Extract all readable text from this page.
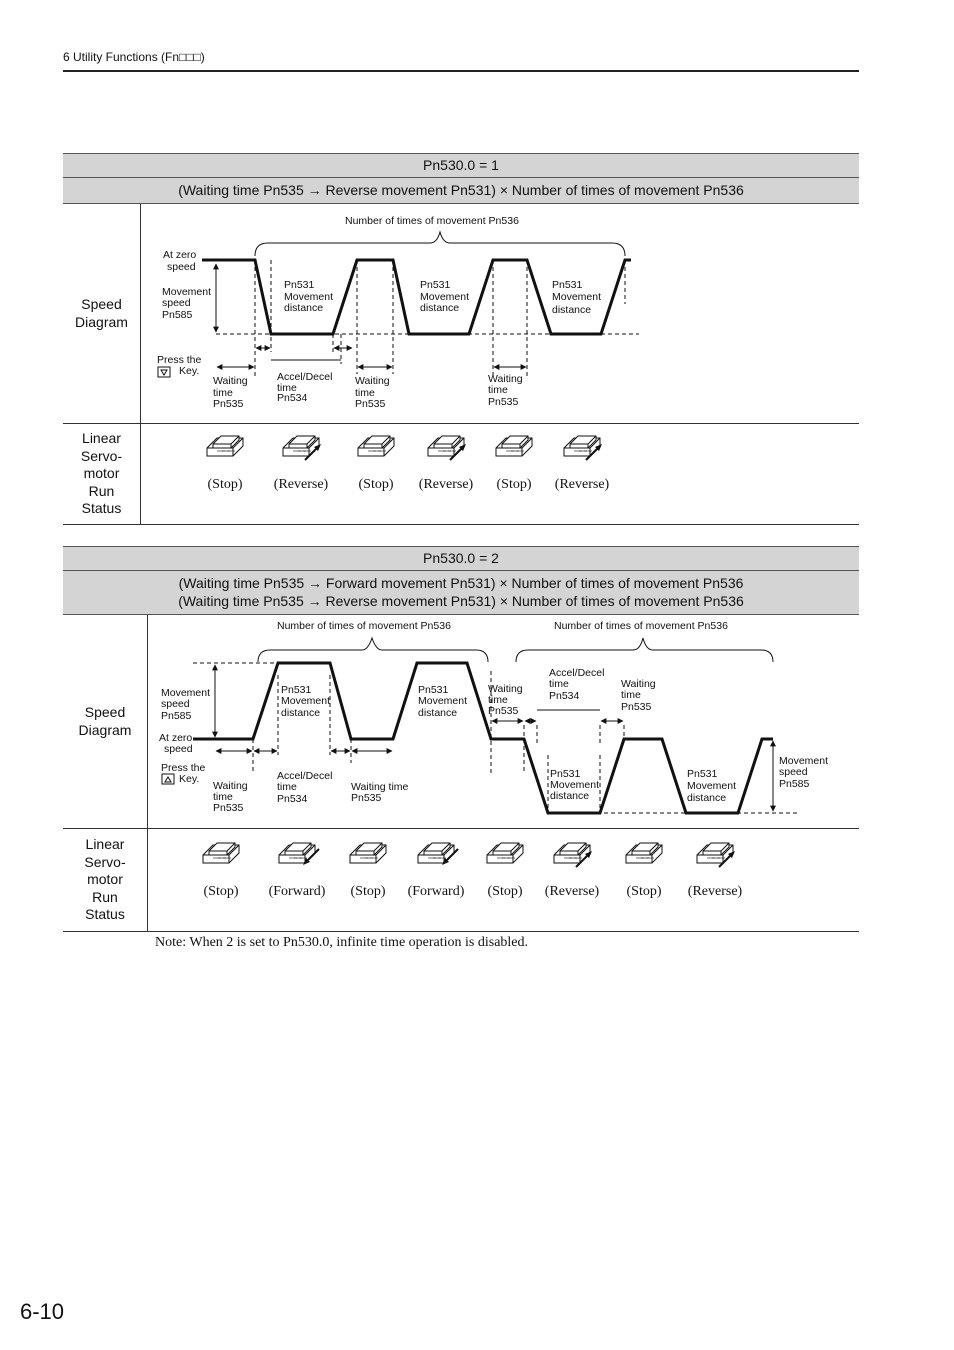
6 Utility Functions (Fn□□□)
Pn530.0 = 1
(Waiting time Pn535 → Reverse movement Pn531) × Number of times of movement Pn536
Speed
Diagram
Number of times of movement Pn536
At zero
speed
Movement
speed
Pn585
Press the
Key.
Pn531
Movement
distance
Pn531
Movement
distance
Pn531
Movement
distance
Waiting
time
Pn535
Accel/Decel
time
Pn534
Waiting
time
Pn535
Waiting
time
Pn535
Linear
Servo-
motor
Run
Status
(Stop) (Reverse) (Stop) (Reverse) (Stop) (Reverse)
Pn530.0 = 2
(Waiting time Pn535 → Forward movement Pn531) × Number of times of movement Pn536
(Waiting time Pn535 → Reverse movement Pn531) × Number of times of movement Pn536
Speed
Diagram
Number of times of movement Pn536	Number of times of movement Pn536
Movement
speed
Pn585
At zero
speed
Press the
Key.
Pn531
Movement
distance
Pn531
Movement
distance
Waiting
time
Pn535
Accel/Decel
time
Pn534
Waiting time
Pn535
Waiting
time
Pn535
Accel/Decel
time
Pn534
Waiting
time
Pn535
Pn531
Movement
distance
Pn531
Movement
distance
Movement
speed
Pn585
Linear
Servo-
motor
Run
Status
(Stop) (Forward) (Stop) (Forward) (Stop) (Reverse) (Stop) (Reverse)
Note: When 2 is set to Pn530.0, infinite time operation is disabled.
6-10
